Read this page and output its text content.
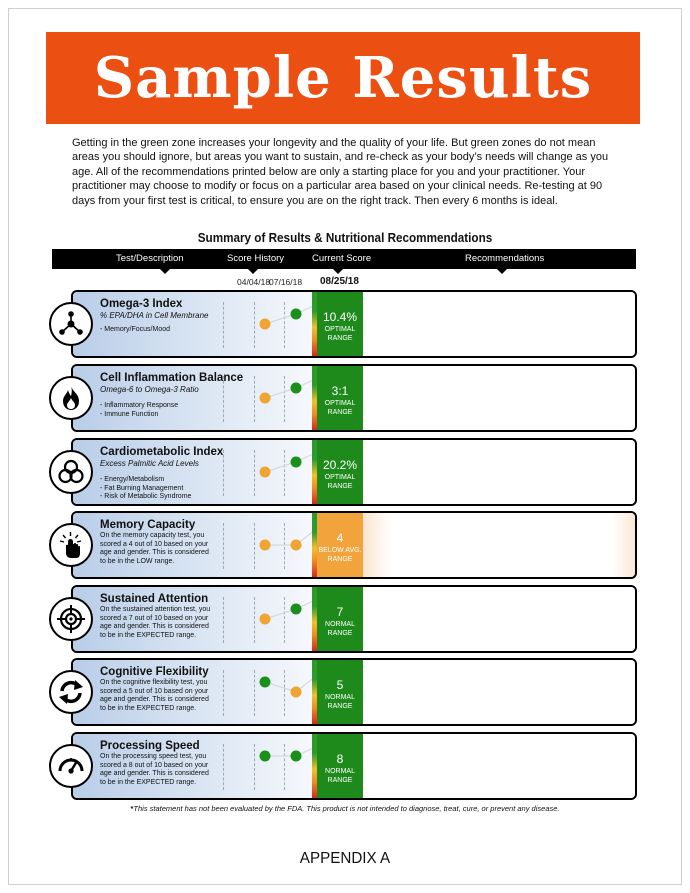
Sample Results

Getting in the green zone increases your longevity and the quality of your life. But green zones do not mean areas you should ignore, but areas you want to sustain, and re-check as your body’s needs will change as you age. All of the recommendations printed below are only a starting place for you and your practitioner. Your practitioner may choose to modify or focus on a particular area based on your clinical needs. Re-testing at 90 days from your first test is critical, to ensure you are on the right track. Then every 6 months is ideal.

Summary of Results & Nutritional Recommendations
Test/Description	Score History	Current Score	Recommendations
04/04/18
07/16/18 08/25/18
Omega-3 Index
% EPA/DHA in Cell Membrane
- Memory/Focus/Mood
10.4%
OPTIMAL RANGE
Cell Inflammation Balance
Omega-6 to Omega-3 Ratio
- Inflammatory Response
- Immune Function
3:1
OPTIMAL RANGE
Cardiometabolic Index
Excess Palmitic Acid Levels
- Energy/Metabolism
- Fat Burning Management
- Risk of Metabolic Syndrome
20.2%
OPTIMAL RANGE
Memory Capacity
On the memory capacity test, you scored a 4 out of 10 based on your age and gender. This is considered to be in the LOW range.
4
BELOW AVG. RANGE
Sustained Attention
On the sustained attention test, you scored a 7 out of 10 based on your age and gender. This is considered to be in the EXPECTED range.
7
NORMAL RANGE
Cognitive Flexibility
On the cognitive flexibility test, you scored a 5 out of 10 based on your age and gender. This is considered to be in the EXPECTED range.
5
NORMAL RANGE
Processing Speed
On the processing speed test, you scored a 8 out of 10 based on your age and gender. This is considered to be in the EXPECTED range.
8
NORMAL RANGE
*This statement has not been evaluated by the FDA. This product is not intended to diagnose, treat, cure, or prevent any disease.
APPENDIX A
